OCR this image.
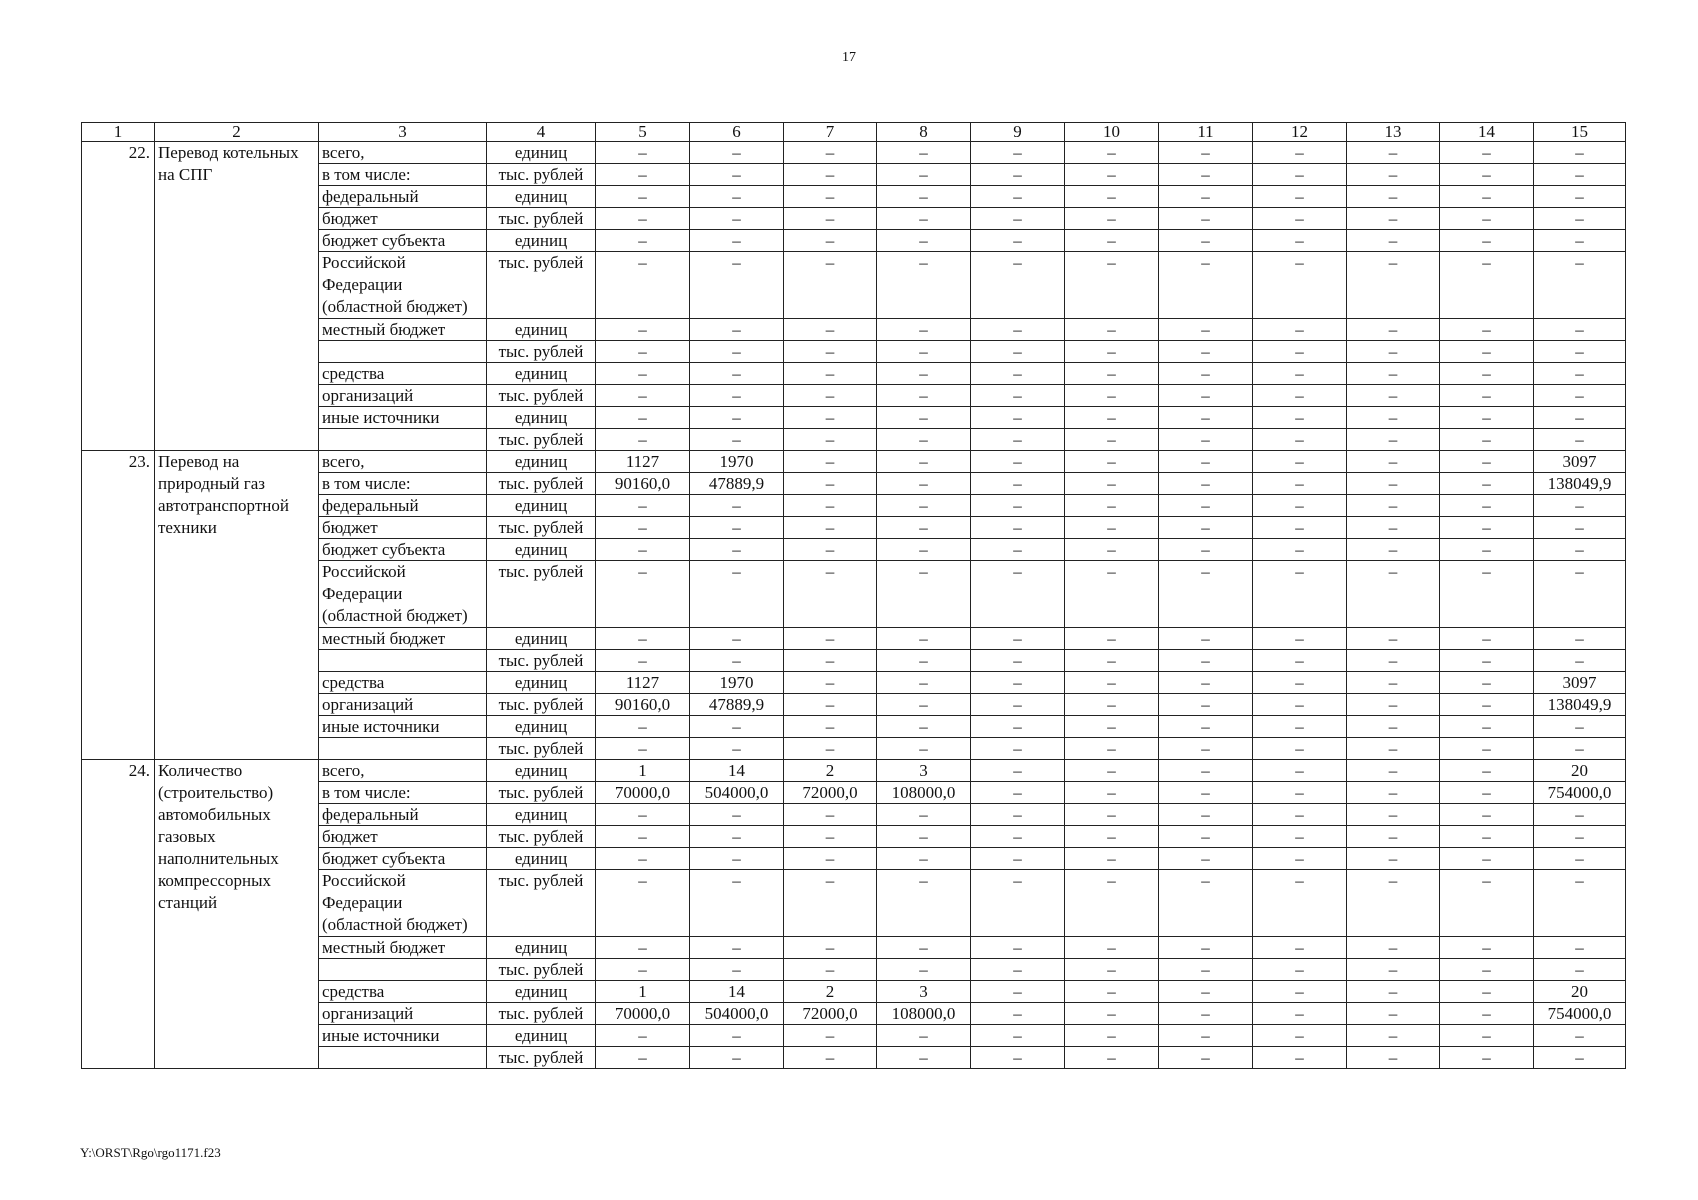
17
1	2	3	4	5	6	7	8	9	10	11	12	13	14	15
22.	Перевод котельных на СПГ	всего,	единиц	–	–	–	–	–	–	–	–	–	–	–
		в том числе:	тыс. рублей	–	–	–	–	–	–	–	–	–	–	–
		федеральный	единиц	–	–	–	–	–	–	–	–	–	–	–
		бюджет	тыс. рублей	–	–	–	–	–	–	–	–	–	–	–
		бюджет субъекта	единиц	–	–	–	–	–	–	–	–	–	–	–
		Российской Федерации (областной бюджет)	тыс. рублей	–	–	–	–	–	–	–	–	–	–	–
		местный бюджет	единиц	–	–	–	–	–	–	–	–	–	–	–
			тыс. рублей	–	–	–	–	–	–	–	–	–	–	–
		средства	единиц	–	–	–	–	–	–	–	–	–	–	–
		организаций	тыс. рублей	–	–	–	–	–	–	–	–	–	–	–
		иные источники	единиц	–	–	–	–	–	–	–	–	–	–	–
			тыс. рублей	–	–	–	–	–	–	–	–	–	–	–
23.	Перевод на природный газ автотранспортной техники	всего,	единиц	1127	1970	–	–	–	–	–	–	–	–	3097
		в том числе:	тыс. рублей	90160,0	47889,9	–	–	–	–	–	–	–	–	138049,9
		федеральный	единиц	–	–	–	–	–	–	–	–	–	–	–
		бюджет	тыс. рублей	–	–	–	–	–	–	–	–	–	–	–
		бюджет субъекта	единиц	–	–	–	–	–	–	–	–	–	–	–
		Российской Федерации (областной бюджет)	тыс. рублей	–	–	–	–	–	–	–	–	–	–	–
		местный бюджет	единиц	–	–	–	–	–	–	–	–	–	–	–
			тыс. рублей	–	–	–	–	–	–	–	–	–	–	–
		средства	единиц	1127	1970	–	–	–	–	–	–	–	–	3097
		организаций	тыс. рублей	90160,0	47889,9	–	–	–	–	–	–	–	–	138049,9
		иные источники	единиц	–	–	–	–	–	–	–	–	–	–	–
			тыс. рублей	–	–	–	–	–	–	–	–	–	–	–
24.	Количество (строительство) автомобильных газовых наполнительных компрессорных станций	всего,	единиц	1	14	2	3	–	–	–	–	–	–	20
		в том числе:	тыс. рублей	70000,0	504000,0	72000,0	108000,0	–	–	–	–	–	–	754000,0
		федеральный	единиц	–	–	–	–	–	–	–	–	–	–	–
		бюджет	тыс. рублей	–	–	–	–	–	–	–	–	–	–	–
		бюджет субъекта	единиц	–	–	–	–	–	–	–	–	–	–	–
		Российской Федерации (областной бюджет)	тыс. рублей	–	–	–	–	–	–	–	–	–	–	–
		местный бюджет	единиц	–	–	–	–	–	–	–	–	–	–	–
			тыс. рублей	–	–	–	–	–	–	–	–	–	–	–
		средства	единиц	1	14	2	3	–	–	–	–	–	–	20
		организаций	тыс. рублей	70000,0	504000,0	72000,0	108000,0	–	–	–	–	–	–	754000,0
		иные источники	единиц	–	–	–	–	–	–	–	–	–	–	–
			тыс. рублей	–	–	–	–	–	–	–	–	–	–	–
Y:\ORST\Rgo\rgo1171.f23
